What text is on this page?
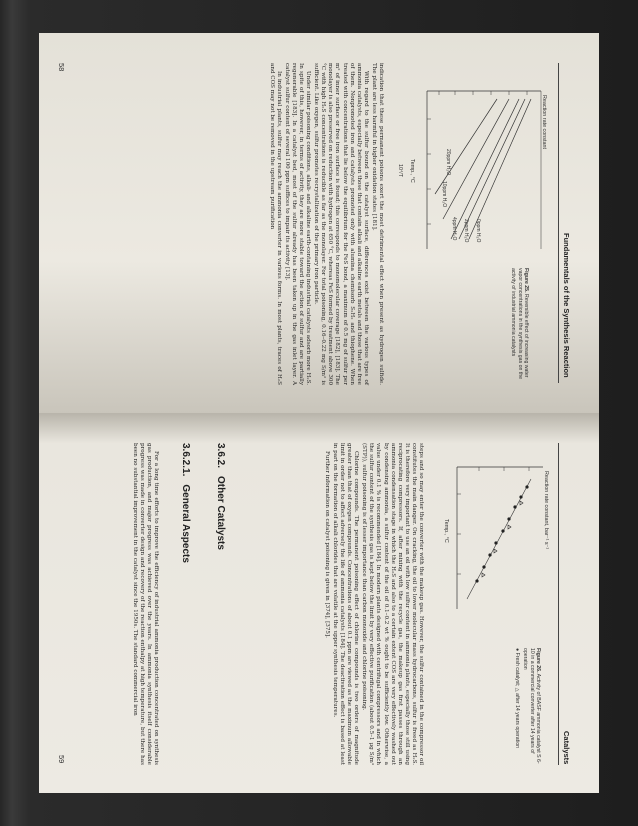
Fundamentals of the Synthesis Reaction
0ppm H₂O
2ppm H₂O
4ppm H₂O
10ppm H₂O
20ppm H₂O
Reaction rate constant
Temp., °C
10⁴/T
Figure 25. Reversible effect of increasing water vapor concentrations in the synthesis gas on the activity of industrial ammonia catalysts

indication that these permanent poisons exert the most detrimental effect when present as hydrogen sulfide. The plant are less harmful in higher oxidation states [181].

With regard to the sulfur bound on the catalyst surface, differences exist between the various types of ammonia catalysts, especially between those that contain alkali and alkaline earth metals and those that are free of them. Nonpromoted iron and catalysts promoted only with alumina chemisorb S₂H₂ and thiophene. When treated with concentrations that lie below the equilibrium for the FeS bond, a maximum of 0.5 mg of sulfur per m² of inner surface or free iron surface is found; this corresponds to monomolecular coverage [182], [183]. The monolayer is also preserved on reduction with hydrogen at 650 °C, whereas FeS formed by treatment above 300 °C with high H₂S concentrations is reducible as far as the monolayer. For total poisoning, 0.16–0.22 mg S/m² is sufficient. Like oxygen, sulfur promotes recrystallization of the primary iron particle.

Under similar poisoning conditions, alkali- and alkaline earth-containing industrial catalysts adsorb more H₂S. In spite of this, however, in terms of activity, they are more stable toward the action of sulfur and are partially regenerable [183]. In a catalyst bed, most of the sulfur already has been taken up in the gas inlet layer. A catalyst sulfur content of several 100 ppm suffices to impair its activity [13].

In industrial plants, sulfur may reach the ammonia converter in various forms. In most plants, traces of H₂S and COS may not be removed in the upstream purification

58
Catalysts
Reaction rate constant, bar⁻¹ s⁻¹
Temp., °C
Figure 26. Activity of BASF ammonia catalyst S 6-10 in a commercial converter after 14 years of operation
● Fresh catalyst; △ after 14 years operation

steps and so may enter the converter with the makeup gas. However, the sulfur contained in the compressor oil constitutes the main danger. On cracking, the oil to lower molecular mass hydrocarbons, sulfur is freed as H₂S. It is therefore very important to use an oil with low sulfur content in ammonia plants, especially those still using reciprocating compressors. If, after mixing with the recycle gas, the makeup gas first passes through an ammonia condensation stage in which the H₂S and also to a certain extent COS are very effectively washed out by condensing ammonia, a sulfur content of the oil of 0.1–0.2 wt % ought to be sufficiently low. Otherwise, a value under 0.1 % is recommended [184]. In modern plants designed with centrifugal compressors and in which the sulfur content of the synthesis gas is kept below the limit by very effective purification (about 0.5–1 μg S/m³ (STP)), sulfur poisoning is of lesser importance than carbon monoxide and chlorine poisoning.

Chlorine compounds. The permanent poisoning effect of chlorine compounds is two orders of magnitude greater than that of oxygen compounds. Concentrations of about 0.1 ppm are viewed as the maximum allowable limit in order not to affect adversely the life of ammonia catalysts [184]. The deactivation effect is based at least in part on the formation of alkali chlorides that are volatile at the upper synthesis temperatures.

Further information on catalyst poisoning is given in [374], [375].

3.6.2.Other Catalysts
3.6.2.1.General Aspects

For a long time efforts to improve the efficiency of industrial ammonia production concentrated on synthesis gas production, and major progress was achieved over the years. In ammonia synthesis itself considerable progress was made in converter design and recovery of the reaction enthalpy at high temperature, but there has been no substantial improvement in the catalyst since the 1950s. The standard commercial iron

59
